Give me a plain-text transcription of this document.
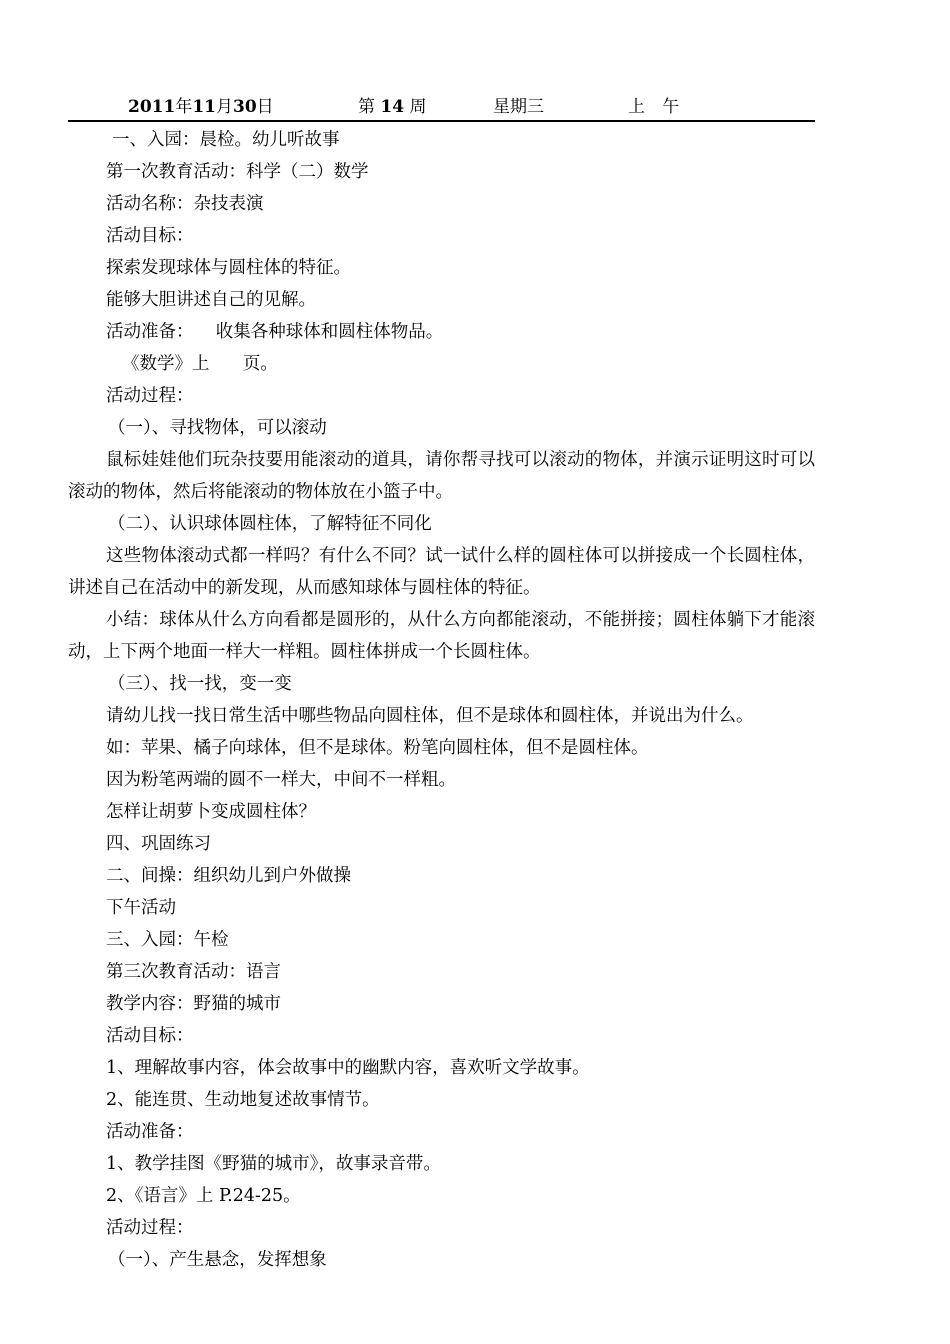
2011年11月30日	第 14 周	星期三	上 午
一、入园：晨检。幼儿听故事
第一次教育活动：科学（二）数学
活动名称：杂技表演
活动目标：
探索发现球体与圆柱体的特征。
能够大胆讲述自己的见解。
活动准备：    收集各种球体和圆柱体物品。
《数学》上      页。
活动过程：
（一）、寻找物体，可以滚动
鼠标娃娃他们玩杂技要用能滚动的道具，请你帮寻找可以滚动的物体，并演示证明这时可以滚动的物体，然后将能滚动的物体放在小篮子中。
（二）、认识球体圆柱体，了解特征不同化
这些物体滚动式都一样吗？有什么不同？试一试什么样的圆柱体可以拼接成一个长圆柱体，讲述自己在活动中的新发现，从而感知球体与圆柱体的特征。
小结：球体从什么方向看都是圆形的，从什么方向都能滚动，不能拼接；圆柱体躺下才能滚动，上下两个地面一样大一样粗。圆柱体拼成一个长圆柱体。
（三）、找一找，变一变
请幼儿找一找日常生活中哪些物品向圆柱体，但不是球体和圆柱体，并说出为什么。
如：苹果、橘子向球体，但不是球体。粉笔向圆柱体，但不是圆柱体。
因为粉笔两端的圆不一样大，中间不一样粗。
怎样让胡萝卜变成圆柱体？
四、巩固练习
二、间操：组织幼儿到户外做操
下午活动
三、入园：午检
第三次教育活动：语言
教学内容：野猫的城市
活动目标：
1、理解故事内容，体会故事中的幽默内容，喜欢听文学故事。
2、能连贯、生动地复述故事情节。
活动准备：
1、教学挂图《野猫的城市》，故事录音带。
2、《语言》上 P.24-25。
活动过程：
（一）、产生悬念，发挥想象
